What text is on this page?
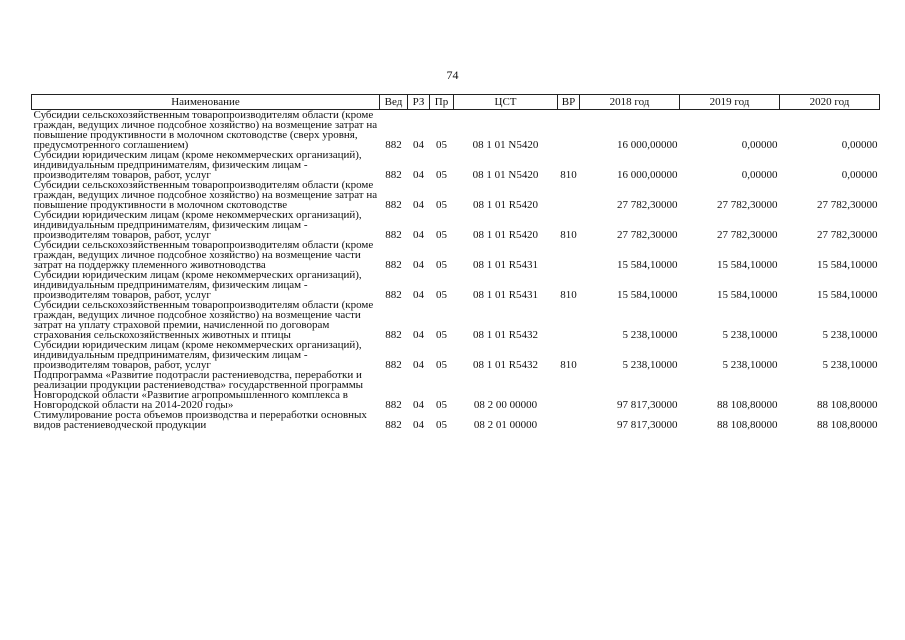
74
Наименование	Вед	РЗ	Пр	ЦСТ	ВР	2018 год	2019 год	2020 год
Субсидии сельскохозяйственным товаропроизводителям области (кроме граждан, ведущих личное подсобное хозяйство) на возмещение затрат на повышение продуктивности в молочном скотоводстве (сверх уровня, предусмотренного соглашением)	882	04	05	08 1 01 N5420		16 000,00000	0,00000	0,00000
Субсидии юридическим лицам (кроме некоммерческих организаций), индивидуальным предпринимателям, физическим лицам - производителям товаров, работ, услуг	882	04	05	08 1 01 N5420	810	16 000,00000	0,00000	0,00000
Субсидии сельскохозяйственным товаропроизводителям области (кроме граждан, ведущих личное подсобное хозяйство) на возмещение затрат на повышение продуктивности в молочном скотоводстве	882	04	05	08 1 01 R5420		27 782,30000	27 782,30000	27 782,30000
Субсидии юридическим лицам (кроме некоммерческих организаций), индивидуальным предпринимателям, физическим лицам - производителям товаров, работ, услуг	882	04	05	08 1 01 R5420	810	27 782,30000	27 782,30000	27 782,30000
Субсидии сельскохозяйственным товаропроизводителям области (кроме граждан, ведущих личное подсобное хозяйство) на возмещение части затрат на поддержку племенного животноводства	882	04	05	08 1 01 R5431		15 584,10000	15 584,10000	15 584,10000
Субсидии юридическим лицам (кроме некоммерческих организаций), индивидуальным предпринимателям, физическим лицам - производителям товаров, работ, услуг	882	04	05	08 1 01 R5431	810	15 584,10000	15 584,10000	15 584,10000
Субсидии сельскохозяйственным товаропроизводителям области (кроме граждан, ведущих личное подсобное хозяйство) на возмещение части затрат на уплату страховой премии, начисленной по договорам страхования сельскохозяйственных животных и птицы	882	04	05	08 1 01 R5432		5 238,10000	5 238,10000	5 238,10000
Субсидии юридическим лицам (кроме некоммерческих организаций), индивидуальным предпринимателям, физическим лицам - производителям товаров, работ, услуг	882	04	05	08 1 01 R5432	810	5 238,10000	5 238,10000	5 238,10000
Подпрограмма «Развитие подотрасли растениеводства, переработки и реализации продукции растениеводства» государственной программы Новгородской области «Развитие агропромышленного комплекса в Новгородской области на 2014-2020 годы»	882	04	05	08 2 00 00000		97 817,30000	88 108,80000	88 108,80000
Стимулирование роста объемов производства и переработки основных видов растениеводческой продукции	882	04	05	08 2 01 00000		97 817,30000	88 108,80000	88 108,80000
